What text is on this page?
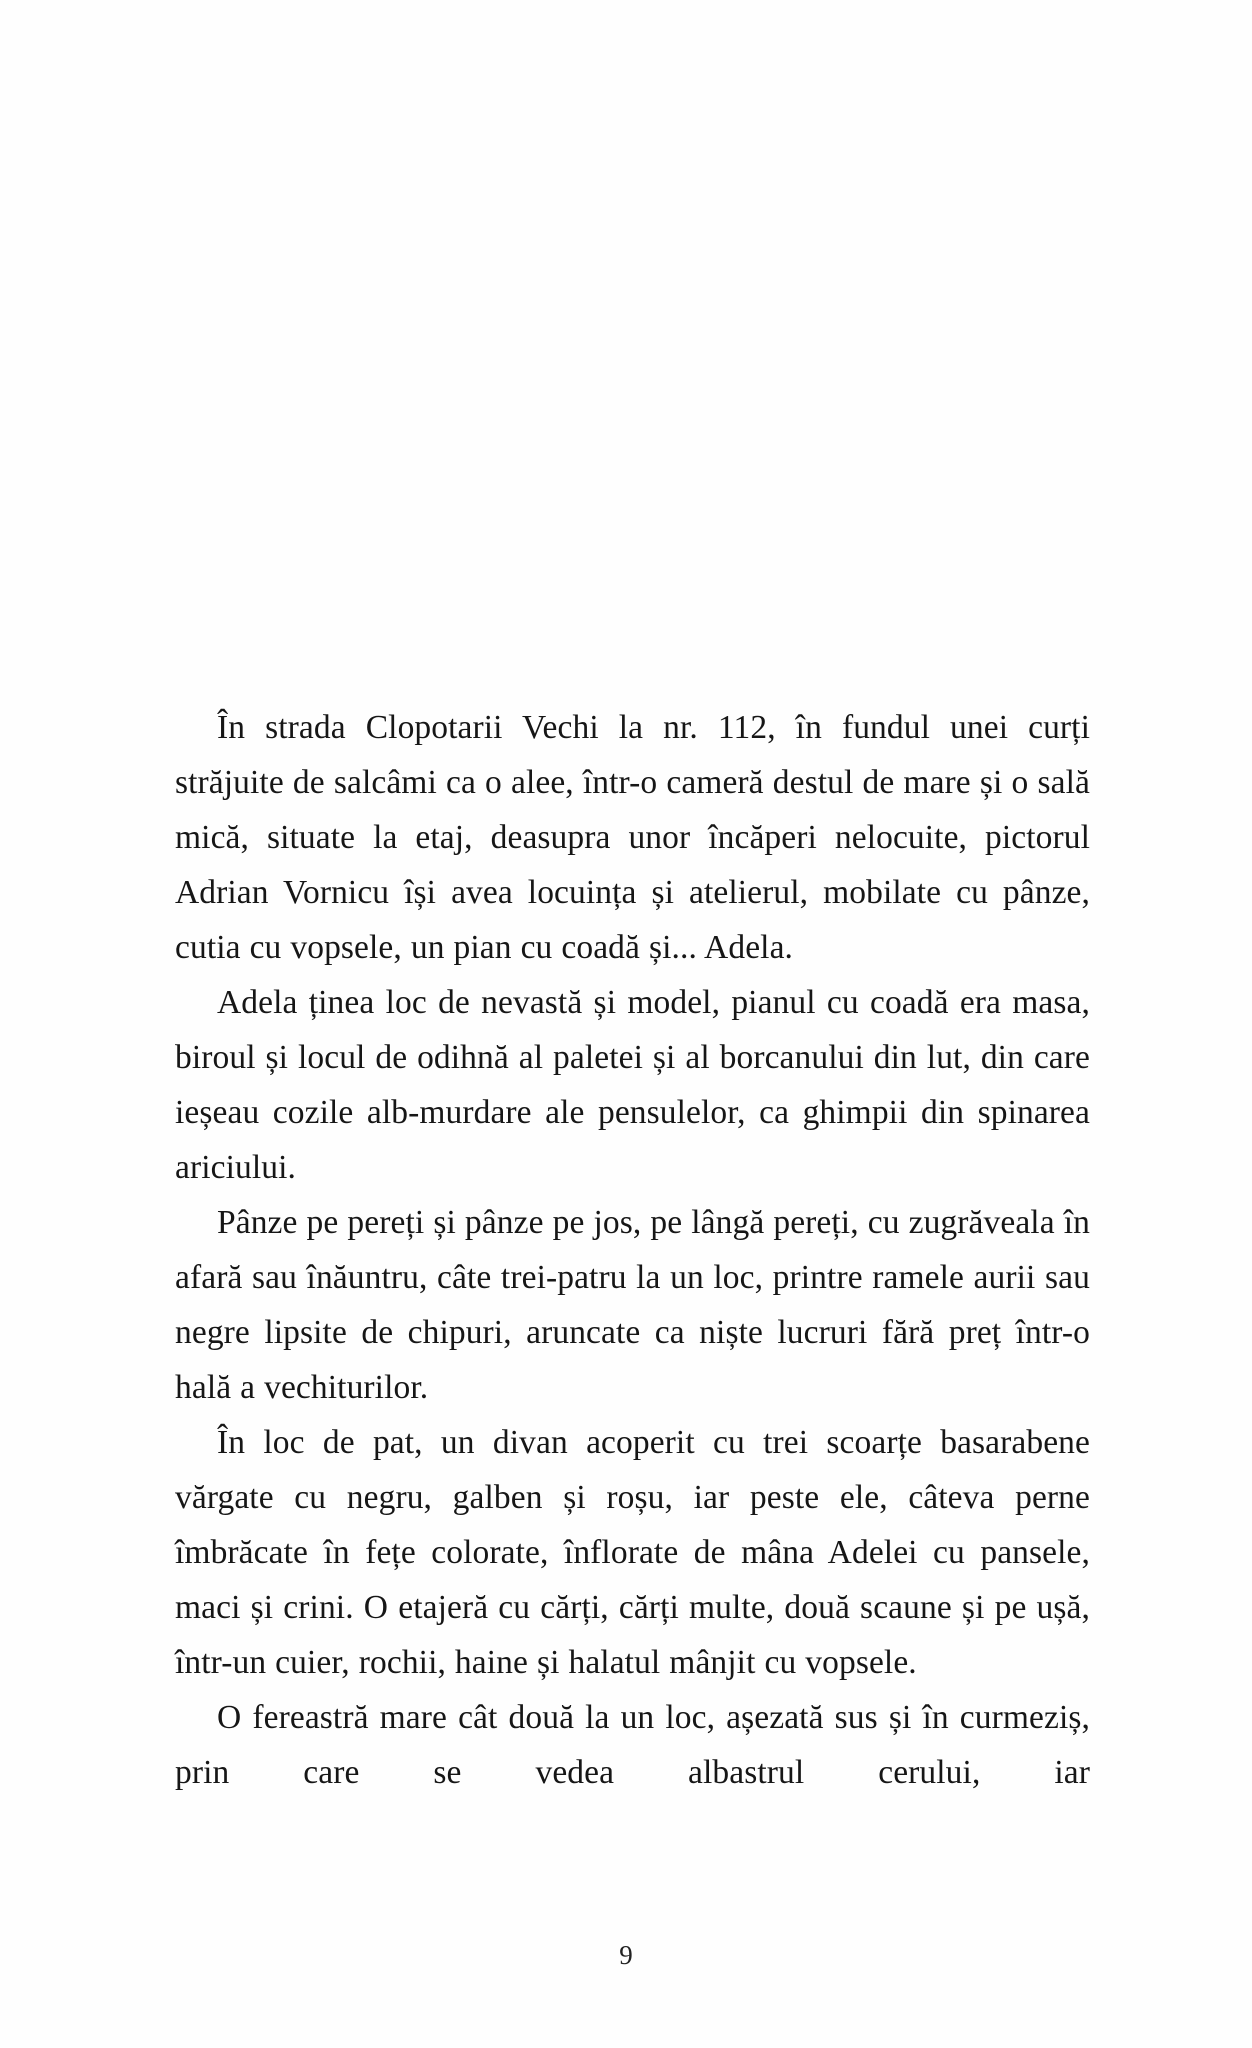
În strada Clopotarii Vechi la nr. 112, în fundul unei curți străjuite de salcâmi ca o alee, într-o cameră destul de mare și o sală mică, situate la etaj, deasupra unor încăperi nelocuite, pictorul Adrian Vornicu își avea locuința și atelierul, mobilate cu pânze, cutia cu vopsele, un pian cu coadă și... Adela.

Adela ținea loc de nevastă și model, pianul cu coadă era masa, biroul și locul de odihnă al paletei și al borcanului din lut, din care ieșeau cozile alb-murdare ale pensulelor, ca ghimpii din spinarea ariciului.

Pânze pe pereți și pânze pe jos, pe lângă pereți, cu zugrăveala în afară sau înăuntru, câte trei-patru la un loc, printre ramele aurii sau negre lipsite de chipuri, aruncate ca niște lucruri fără preț într-o hală a vechiturilor.

În loc de pat, un divan acoperit cu trei scoarțe basarabene vărgate cu negru, galben și roșu, iar peste ele, câteva perne îmbrăcate în fețe colorate, înflorate de mâna Adelei cu pansele, maci și crini. O etajeră cu cărți, cărți multe, două scaune și pe ușă, într-un cuier, rochii, haine și halatul mânjit cu vopsele.

O fereastră mare cât două la un loc, așezată sus și în curmeziș, prin care se vedea albastrul cerului, iar

9
